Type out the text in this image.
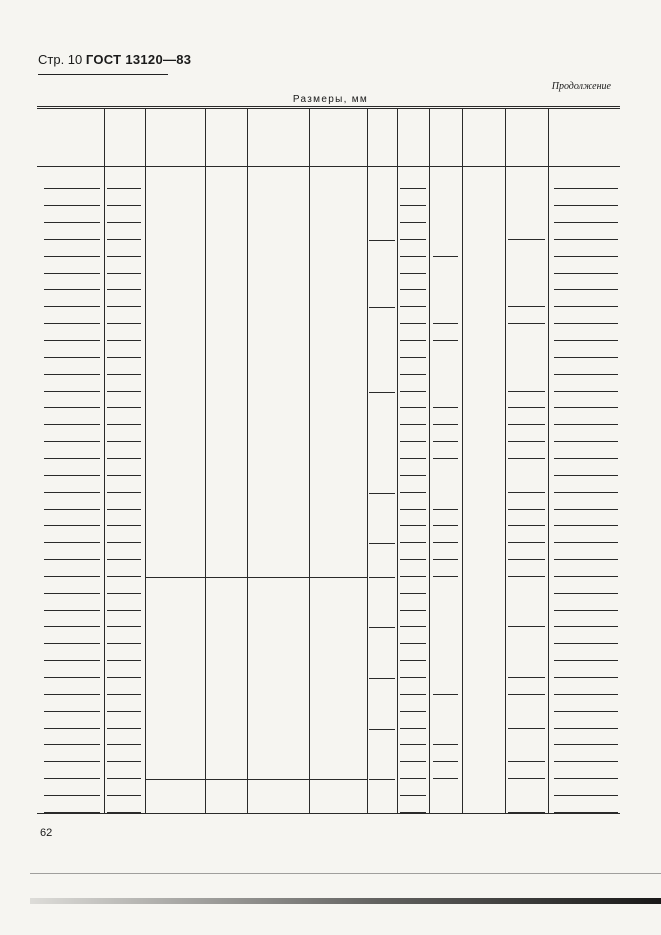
Стр. 10 ГОСТ 13120—83
Продолжение
Размеры, мм
62
